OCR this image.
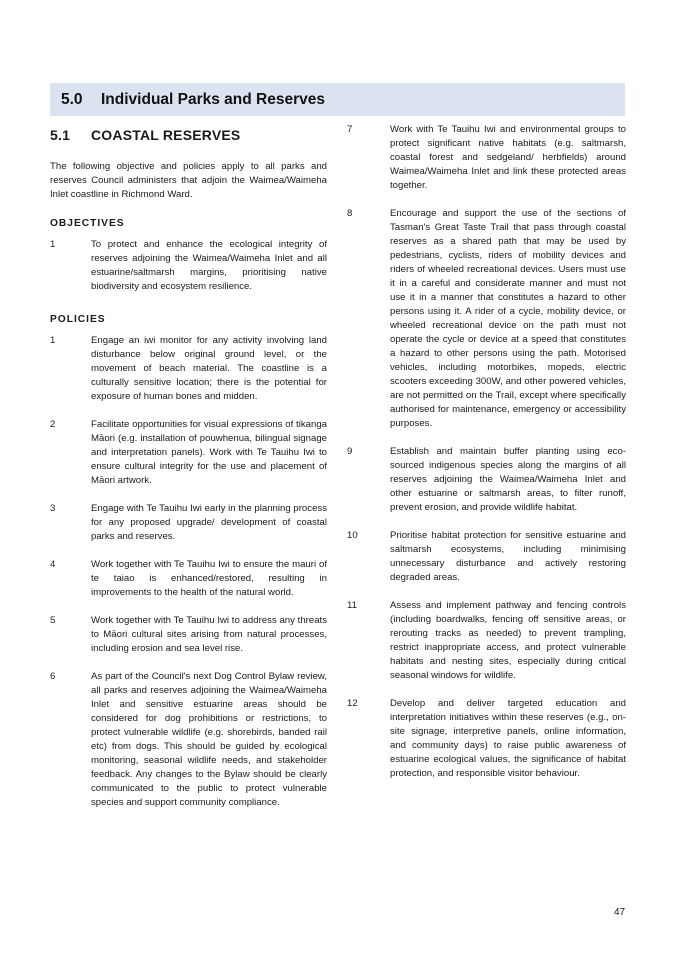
5.0 Individual Parks and Reserves
5.1 COASTAL RESERVES

The following objective and policies apply to all parks and reserves Council administers that adjoin the Waimea/Waimeha Inlet coastline in Richmond Ward.

OBJECTIVES
1	To protect and enhance the ecological integrity of reserves adjoining the Waimea/Waimeha Inlet and all estuarine/saltmarsh margins, prioritising native biodiversity and ecosystem resilience.
POLICIES
1	Engage an iwi monitor for any activity involving land disturbance below original ground level, or the movement of beach material. The coastline is a culturally sensitive location; there is the potential for exposure of human bones and midden.
2	Facilitate opportunities for visual expressions of tikanga Māori (e.g. installation of pouwhenua, bilingual signage and interpretation panels). Work with Te Tauihu Iwi to ensure cultural integrity for the use and placement of Māori artwork.
3	Engage with Te Tauihu Iwi early in the planning process for any proposed upgrade/ development of coastal parks and reserves.
4	Work together with Te Tauihu Iwi to ensure the mauri of te taiao is enhanced/restored, resulting in improvements to the health of the natural world.
5	Work together with Te Tauihu Iwi to address any threats to Māori cultural sites arising from natural processes, including erosion and sea level rise.
6	As part of the Council's next Dog Control Bylaw review, all parks and reserves adjoining the Waimea/Waimeha Inlet and sensitive estuarine areas should be considered for dog prohibitions or restrictions, to protect vulnerable wildlife (e.g. shorebirds, banded rail etc) from dogs. This should be guided by ecological monitoring, seasonal wildlife needs, and stakeholder feedback. Any changes to the Bylaw should be clearly communicated to the public to protect vulnerable species and support community compliance.
7	Work with Te Tauihu Iwi and environmental groups to protect significant native habitats (e.g. saltmarsh, coastal forest and sedgeland/ herbfields) around Waimea/Waimeha Inlet and link these protected areas together.
8	Encourage and support the use of the sections of Tasman's Great Taste Trail that pass through coastal reserves as a shared path that may be used by pedestrians, cyclists, riders of mobility devices and riders of wheeled recreational devices. Users must use it in a careful and considerate manner and must not use it in a manner that constitutes a hazard to other persons using it. A rider of a cycle, mobility device, or wheeled recreational device on the path must not operate the cycle or device at a speed that constitutes a hazard to other persons using the path. Motorised vehicles, including motorbikes, mopeds, electric scooters exceeding 300W, and other powered vehicles, are not permitted on the Trail, except where specifically authorised for maintenance, emergency or accessibility purposes.
9	Establish and maintain buffer planting using eco-sourced indigenous species along the margins of all reserves adjoining the Waimea/Waimeha Inlet and other estuarine or saltmarsh areas, to filter runoff, prevent erosion, and provide wildlife habitat.
10	Prioritise habitat protection for sensitive estuarine and saltmarsh ecosystems, including minimising unnecessary disturbance and actively restoring degraded areas.
11	Assess and implement pathway and fencing controls (including boardwalks, fencing off sensitive areas, or rerouting tracks as needed) to prevent trampling, restrict inappropriate access, and protect vulnerable habitats and nesting sites, especially during critical seasonal windows for wildlife.
12	Develop and deliver targeted education and interpretation initiatives within these reserves (e.g., on-site signage, interpretive panels, online information, and community days) to raise public awareness of estuarine ecological values, the significance of habitat protection, and responsible visitor behaviour.
47
